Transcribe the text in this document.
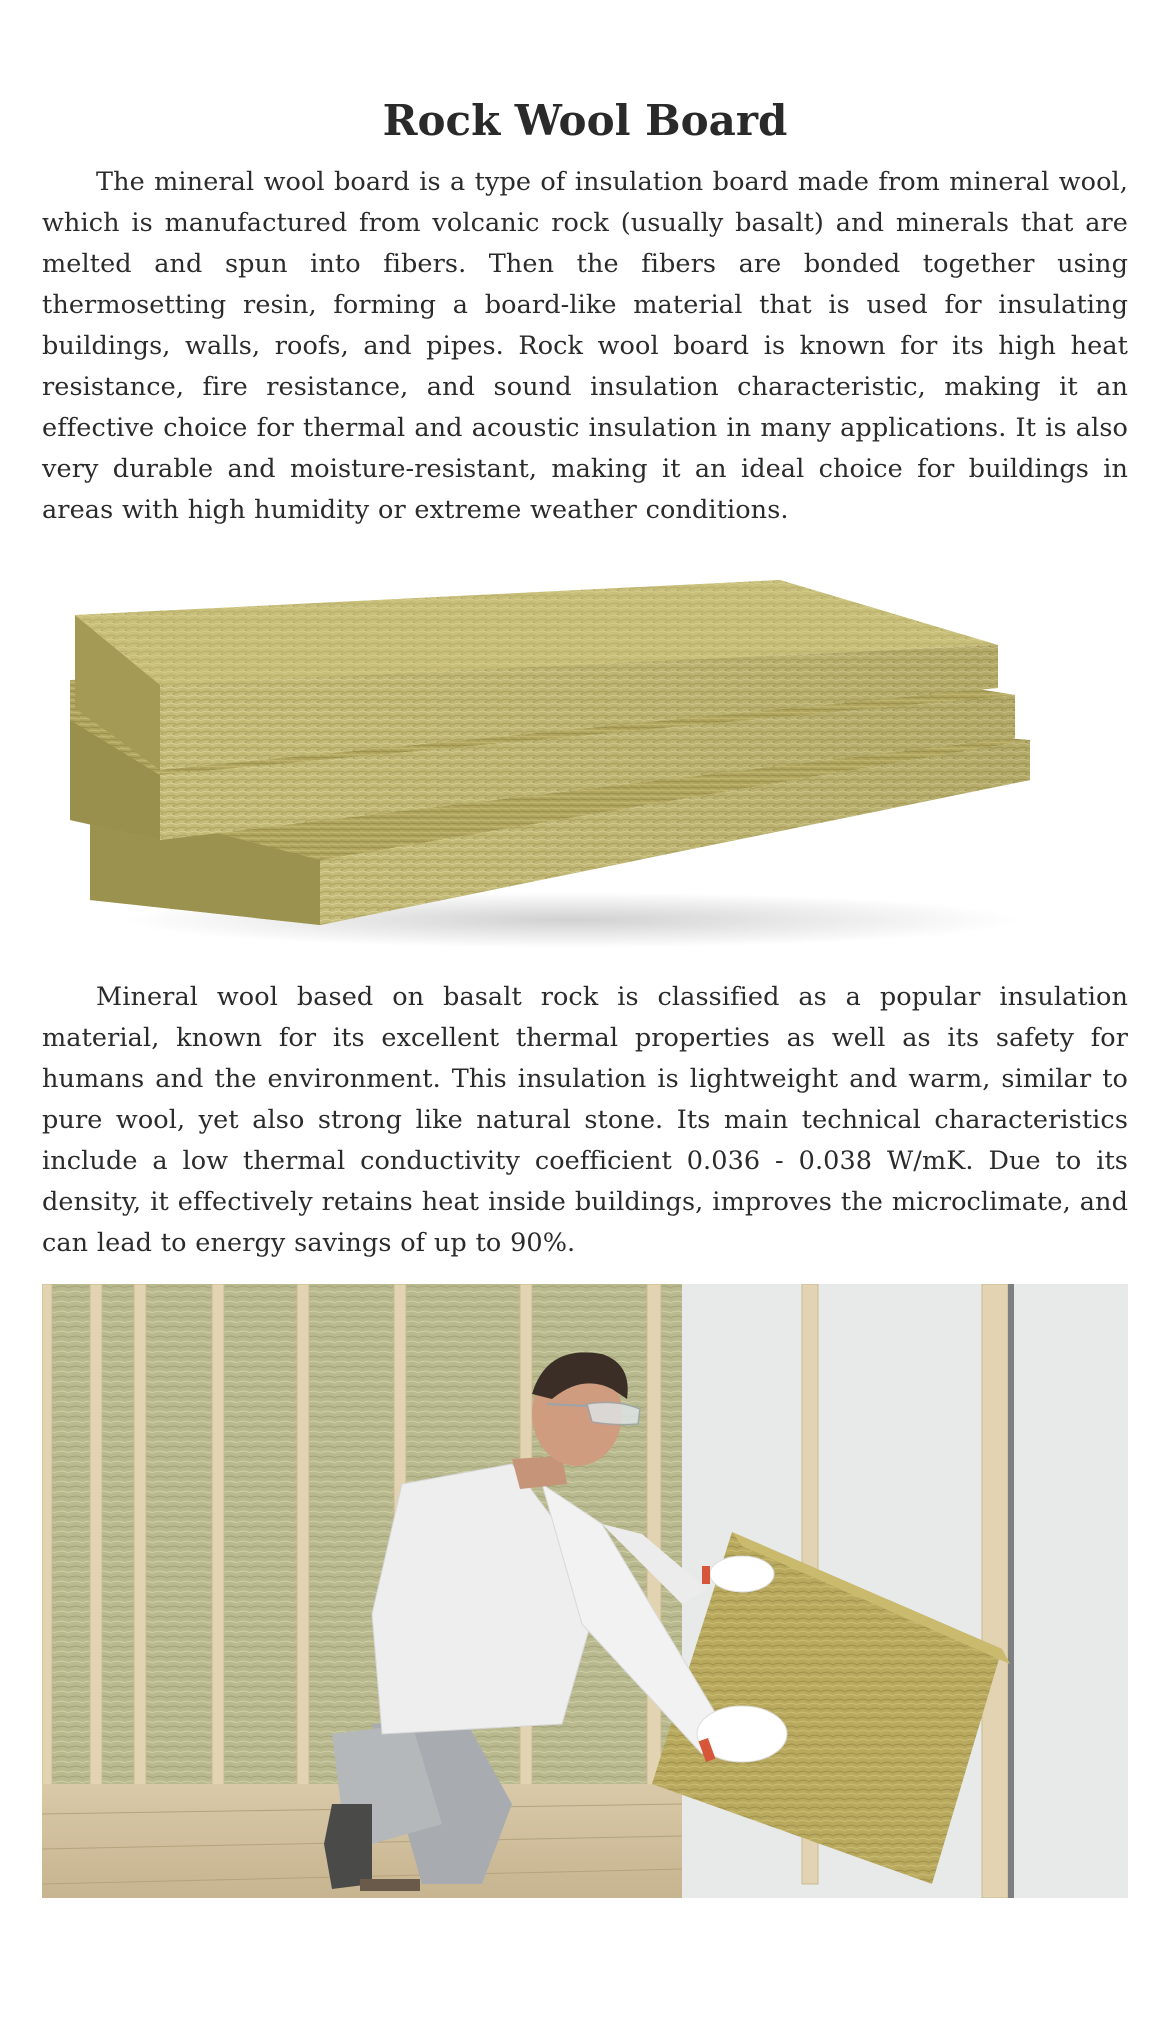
Rock Wool Board

The mineral wool board is a type of insulation board made from mineral wool, which is manufactured from volcanic rock (usually basalt) and minerals that are melted and spun into fibers. Then the fibers are bonded together using thermosetting resin, forming a board-like material that is used for insulating buildings, walls, roofs, and pipes. Rock wool board is known for its high heat resistance, fire resistance, and sound insulation characteristic, making it an effective choice for thermal and acoustic insulation in many applications. It is also very durable and moisture-resistant, making it an ideal choice for buildings in areas with high humidity or extreme weather conditions.

Mineral wool based on basalt rock is classified as a popular insulation material, known for its excellent thermal properties as well as its safety for humans and the environment. This insulation is lightweight and warm, similar to pure wool, yet also strong like natural stone. Its main technical characteristics include a low thermal conductivity coefficient 0.036 - 0.038 W/mK. Due to its density, it effectively retains heat inside buildings, improves the microclimate, and can lead to energy savings of up to 90%.
